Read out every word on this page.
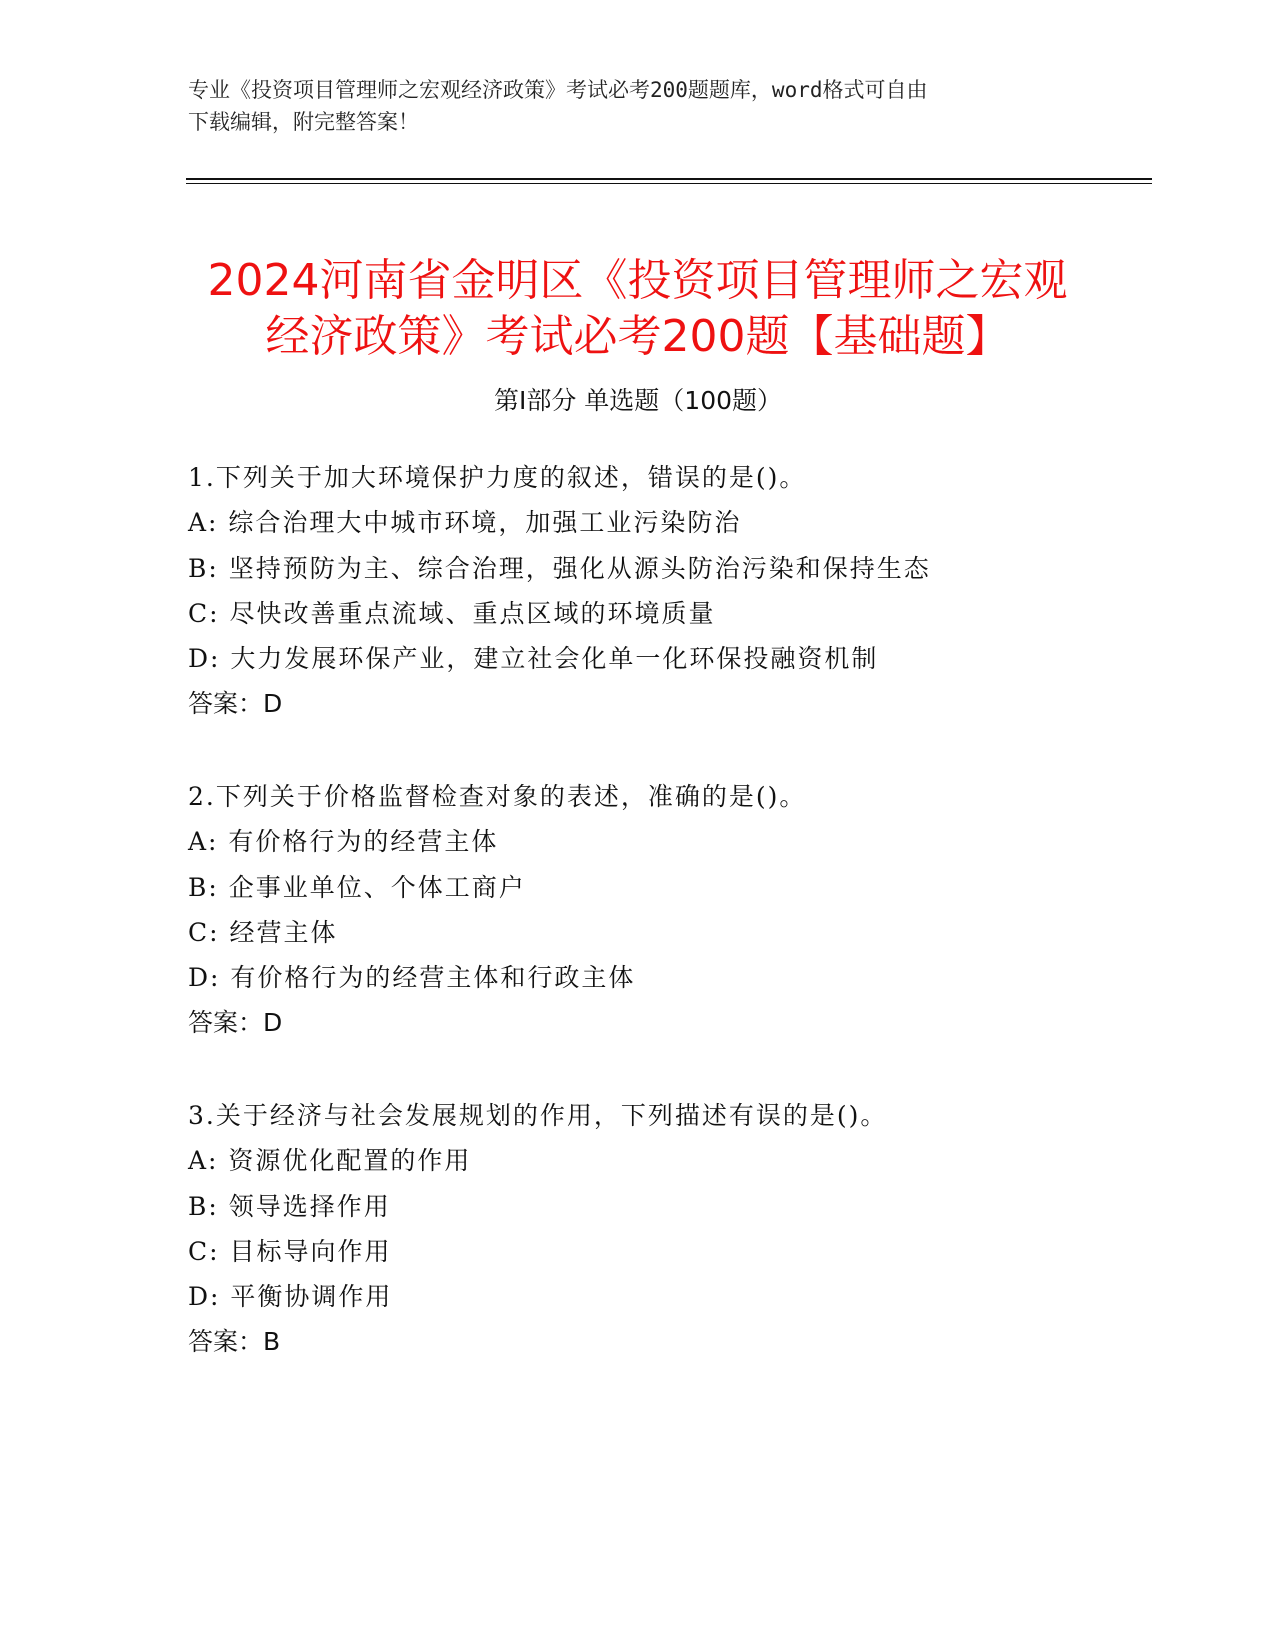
专业《投资项目管理师之宏观经济政策》考试必考200题题库，word格式可自由
下载编辑，附完整答案！
2024河南省金明区《投资项目管理师之宏观
经济政策》考试必考200题【基础题】
第Ⅰ部分 单选题（100题）
1.下列关于加大环境保护力度的叙述，错误的是()。
A: 综合治理大中城市环境，加强工业污染防治
B: 坚持预防为主、综合治理，强化从源头防治污染和保持生态
C: 尽快改善重点流域、重点区域的环境质量
D: 大力发展环保产业，建立社会化单一化环保投融资机制
答案：D
2.下列关于价格监督检查对象的表述，准确的是()。
A: 有价格行为的经营主体
B: 企事业单位、个体工商户
C: 经营主体
D: 有价格行为的经营主体和行政主体
答案：D
3.关于经济与社会发展规划的作用，下列描述有误的是()。
A: 资源优化配置的作用
B: 领导选择作用
C: 目标导向作用
D: 平衡协调作用
答案：B
